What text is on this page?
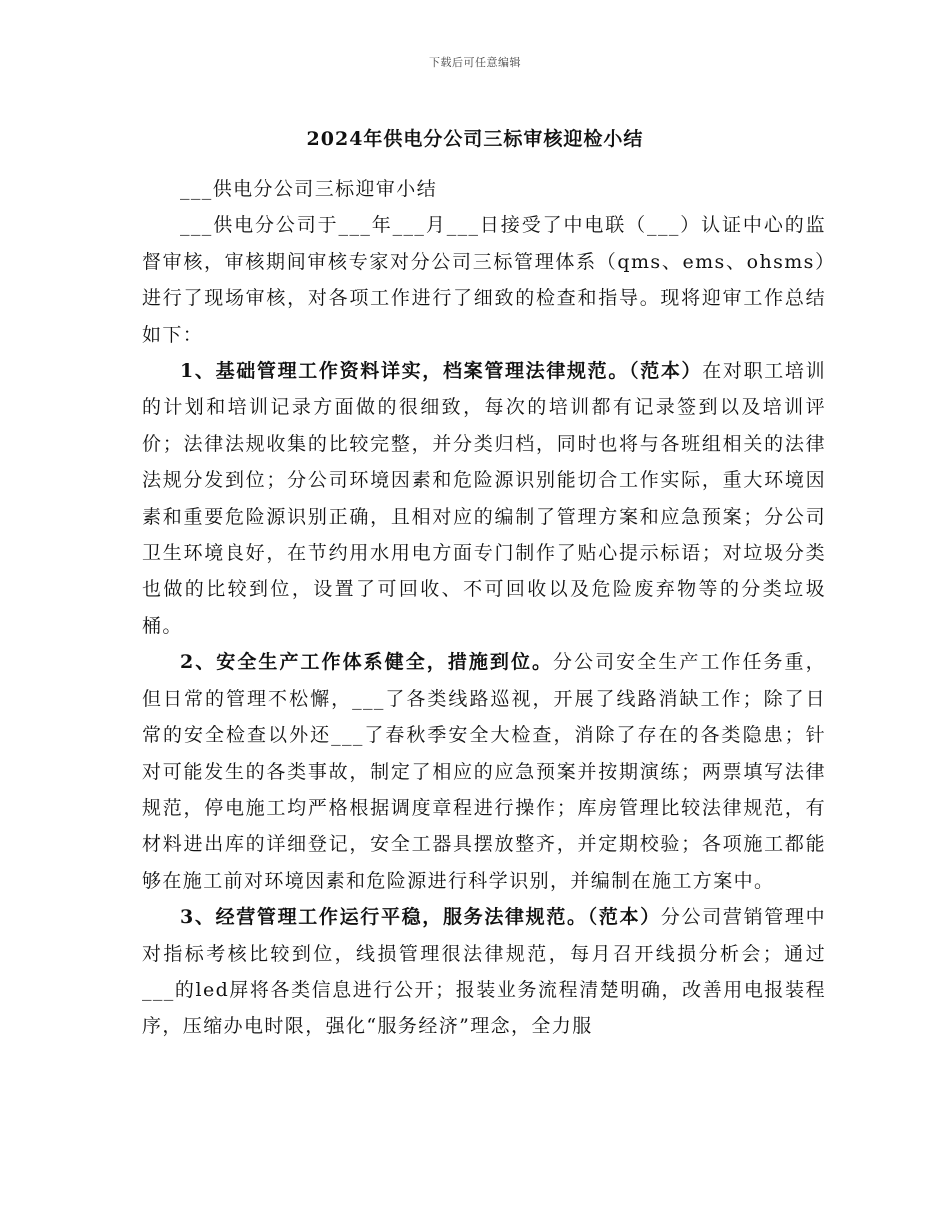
下载后可任意编辑
2024年供电分公司三标审核迎检小结

___供电分公司三标迎审小结

___供电分公司于___年___月___日接受了中电联（___）认证中心的监督审核，审核期间审核专家对分公司三标管理体系（qms、ems、ohsms）进行了现场审核，对各项工作进行了细致的检查和指导。现将迎审工作总结如下：

1、基础管理工作资料详实，档案管理法律规范。（范本）在对职工培训的计划和培训记录方面做的很细致，每次的培训都有记录签到以及培训评价；法律法规收集的比较完整，并分类归档，同时也将与各班组相关的法律法规分发到位；分公司环境因素和危险源识别能切合工作实际，重大环境因素和重要危险源识别正确，且相对应的编制了管理方案和应急预案；分公司卫生环境良好，在节约用水用电方面专门制作了贴心提示标语；对垃圾分类也做的比较到位，设置了可回收、不可回收以及危险废弃物等的分类垃圾桶。

2、安全生产工作体系健全，措施到位。分公司安全生产工作任务重，但日常的管理不松懈，___了各类线路巡视，开展了线路消缺工作；除了日常的安全检查以外还___了春秋季安全大检查，消除了存在的各类隐患；针对可能发生的各类事故，制定了相应的应急预案并按期演练；两票填写法律规范，停电施工均严格根据调度章程进行操作；库房管理比较法律规范，有材料进出库的详细登记，安全工器具摆放整齐，并定期校验；各项施工都能够在施工前对环境因素和危险源进行科学识别，并编制在施工方案中。

3、经营管理工作运行平稳，服务法律规范。（范本）分公司营销管理中对指标考核比较到位，线损管理很法律规范，每月召开线损分析会；通过___的led屏将各类信息进行公开；报装业务流程清楚明确，改善用电报装程序，压缩办电时限，强化“服务经济”理念，全力服
